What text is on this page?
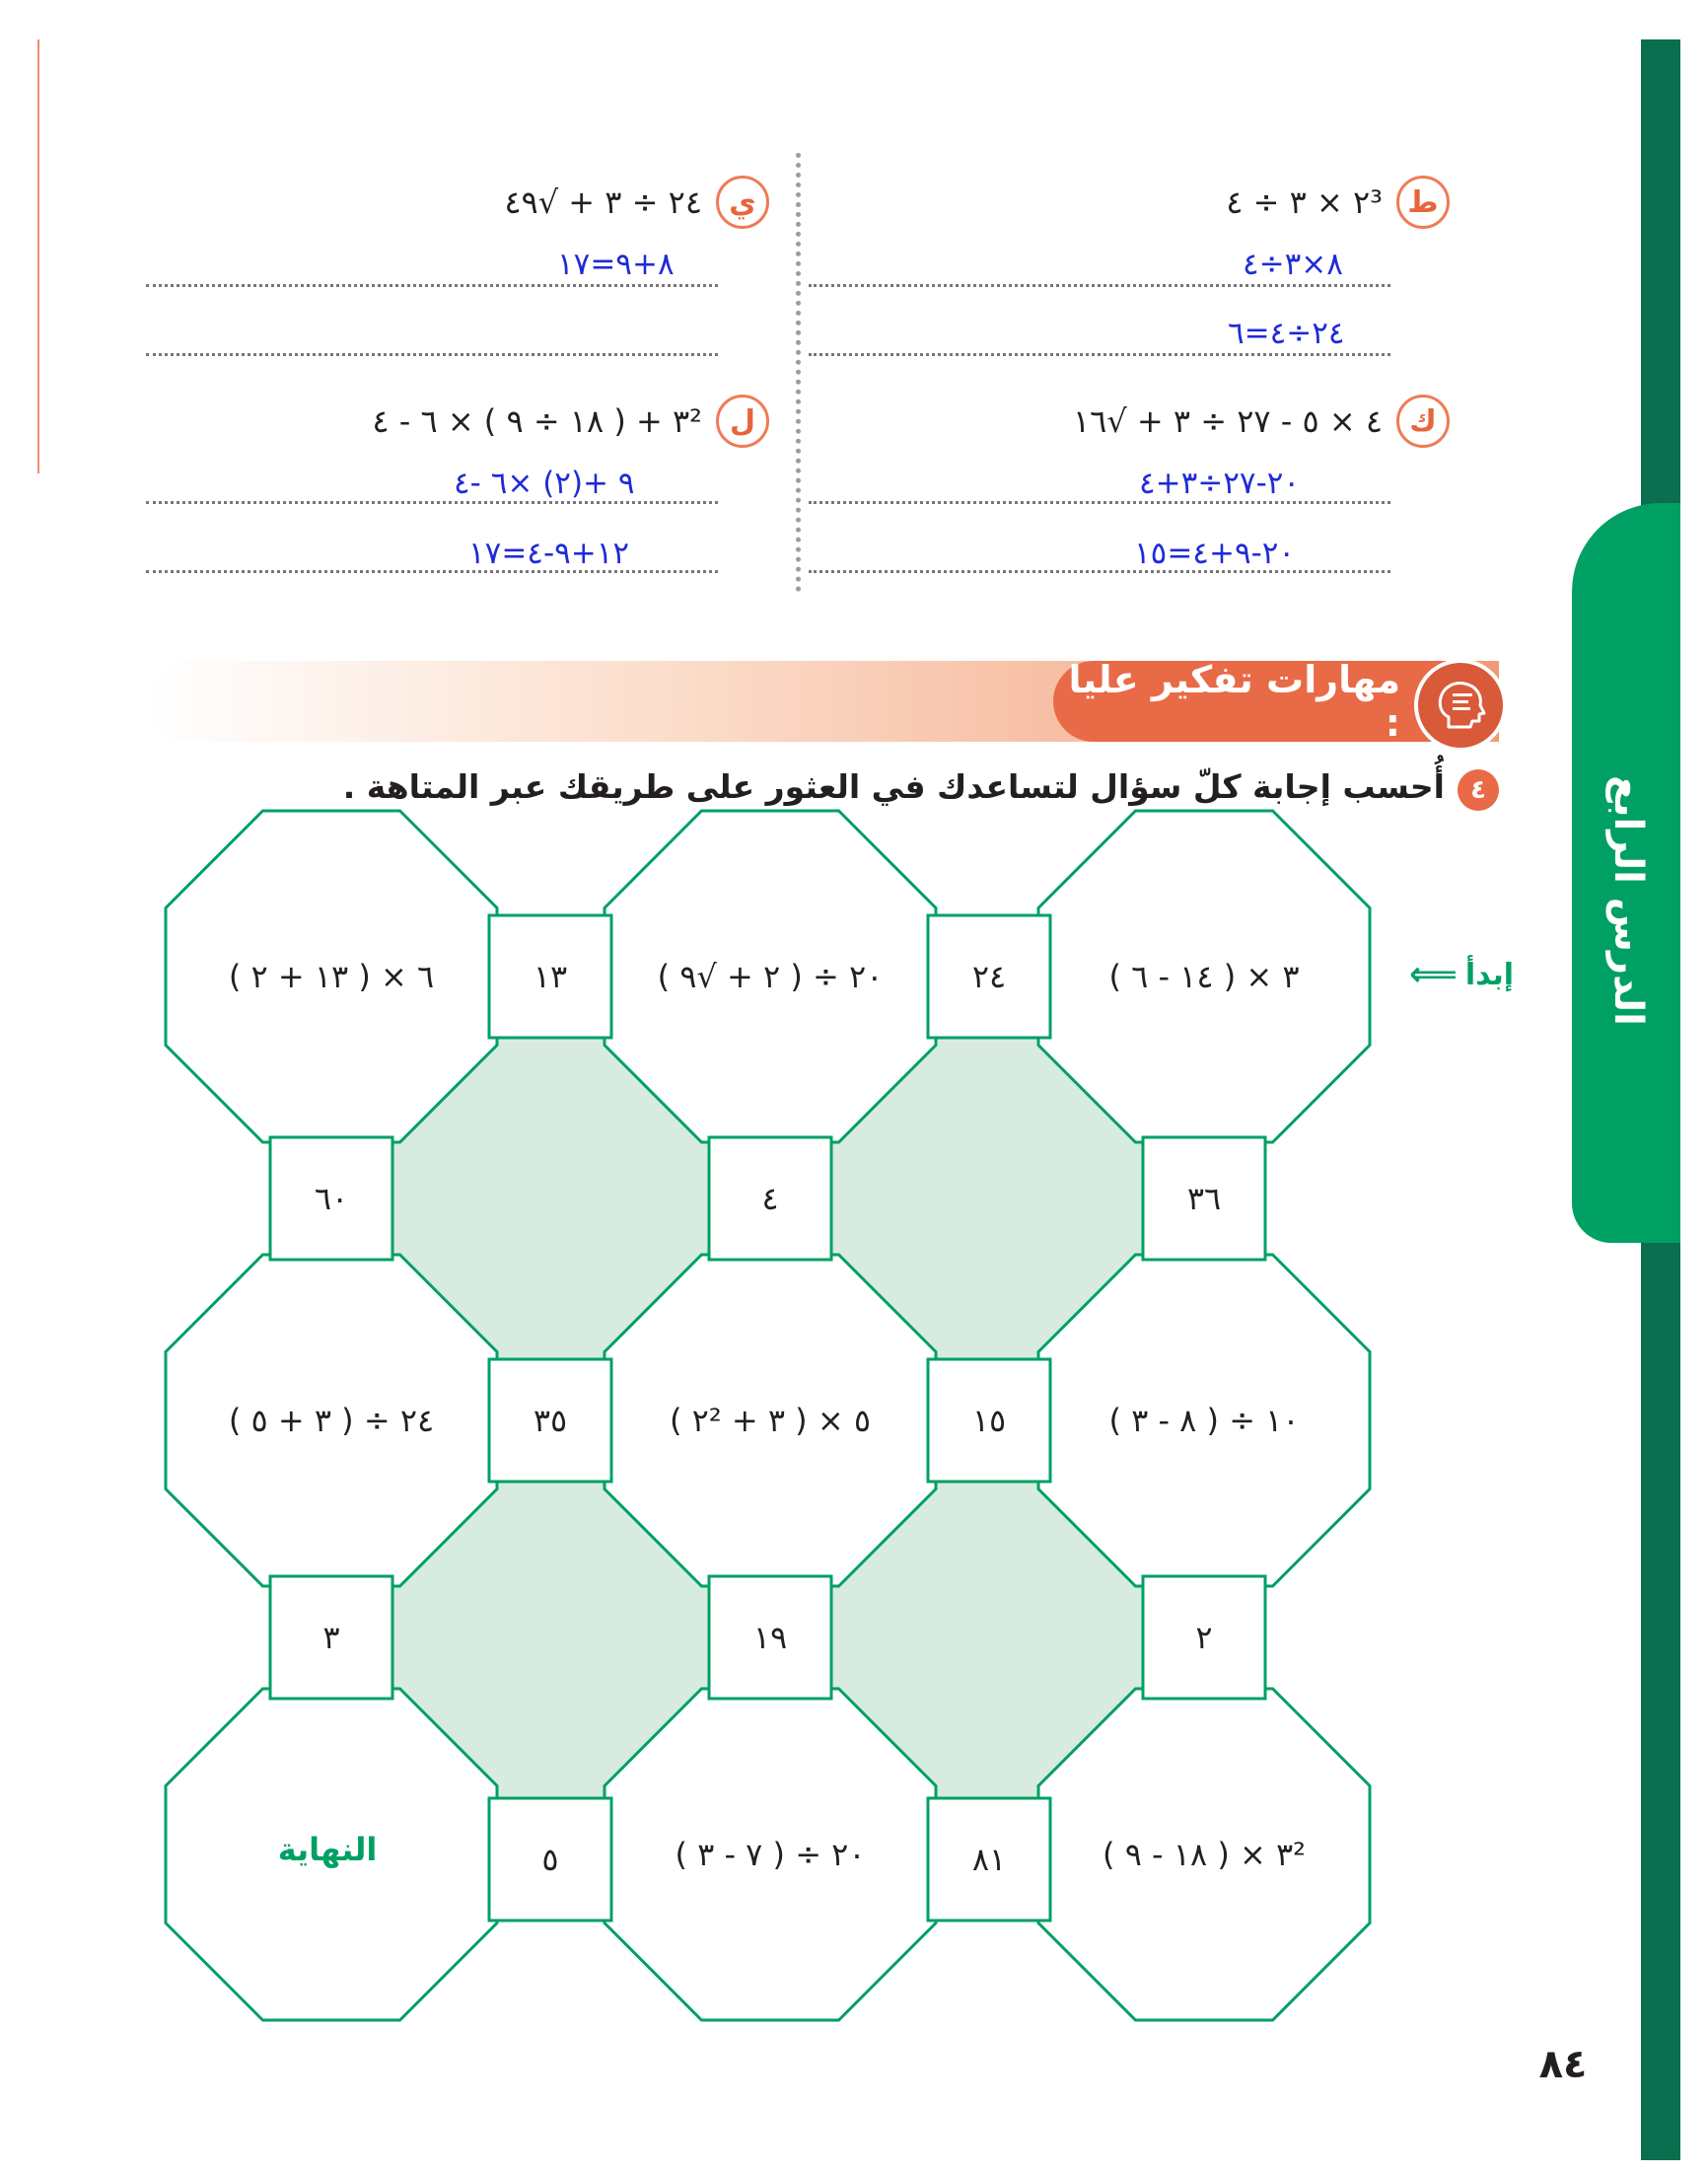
الدرس الرابع
ط
٢³ × ٣ ÷ ٤
ي
٢٤ ÷ ٣ + √٤٩
ك
٤ × ٥ - ٢٧ ÷ ٣ + √١٦
ل
٣² + ( ١٨ ÷ ٩ ) × ٦ - ٤
٨×٣÷٤
٢٤÷٤=٦
٨+٩=١٧
٢٠-٢٧÷٣+٤
٢٠-٩+٤=١٥
٩ +(٢) ×٦ -٤
١٢+٩-٤=١٧
مهارات تفكير عليا :
٤
أُحسب إجابة كلّ سؤال لتساعدك في العثور على طريقك عبر المتاهة .
٦ × ( ١٣ + ٢ )	٢٠ ÷ ( ٢ + √٩ )	٣ × ( ١٤ - ٦ )
٢٤ ÷ ( ٣ + ٥ )	٥ × ( ٣ + ٢² )	١٠ ÷ ( ٨ - ٣ )
٢٠ ÷ ( ٧ - ٣ )	٣² × ( ١٨ - ٩ )
النهاية
١٣	٢٤
٦٠	٤	٣٦
٣٥	١٥
٣	١٩	٢
٥	٨١
إبدأ
⟸
٨٤
